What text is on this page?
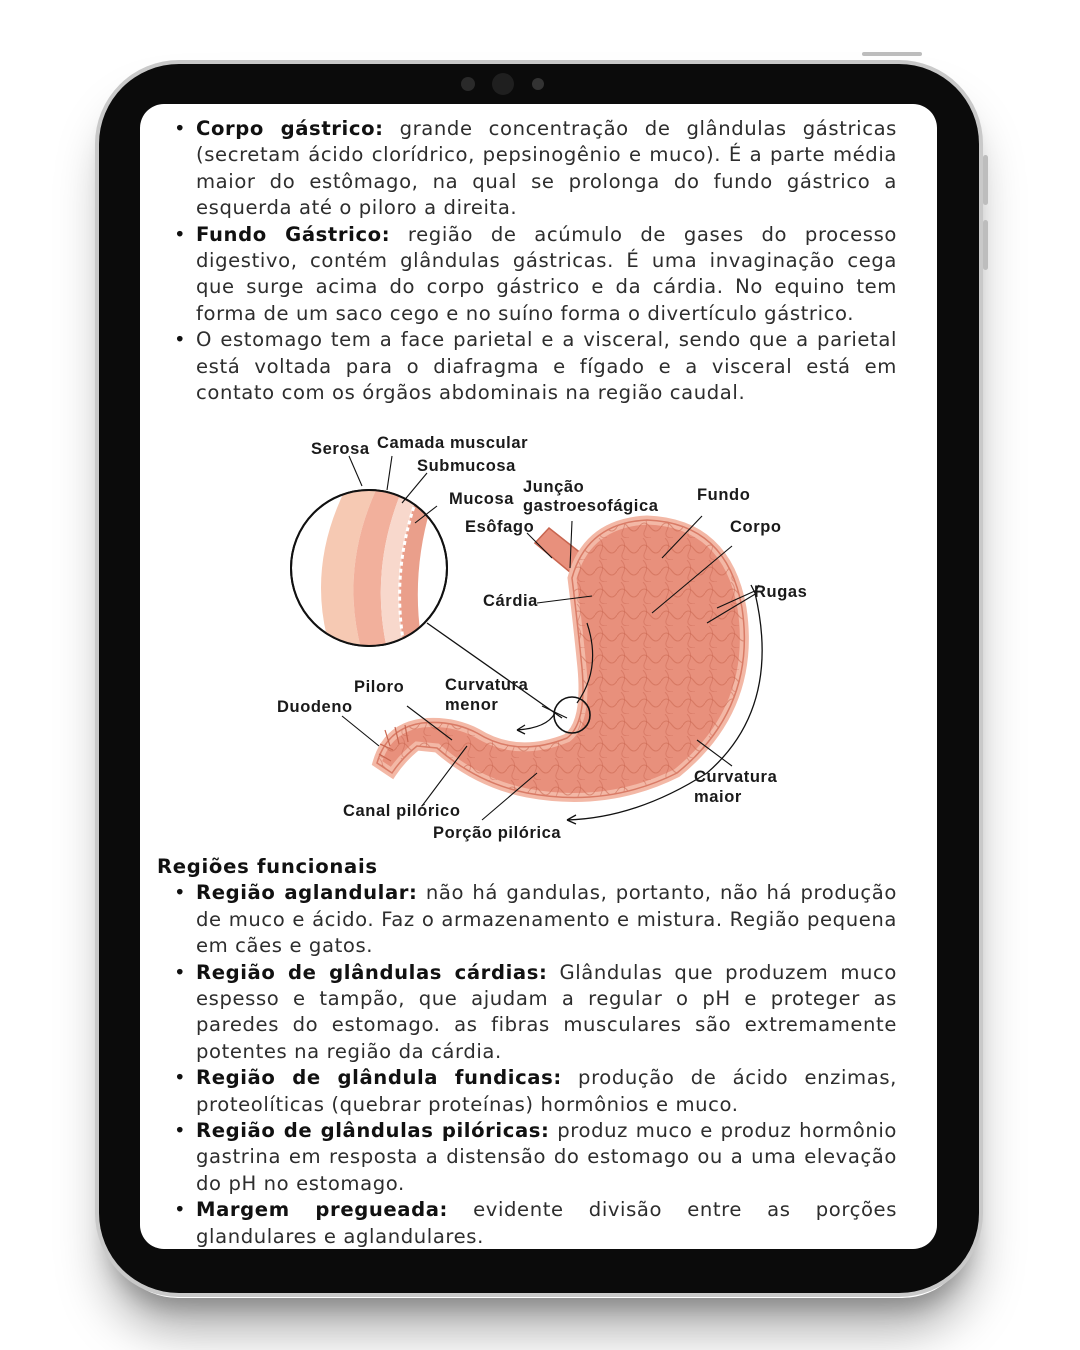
• Corpo gástrico: grande concentração de glândulas gástricas (secretam ácido clorídrico, pepsinogênio e muco). É a parte média maior do estômago, na qual se prolonga do fundo gástrico a esquerda até o piloro a direita.
• Fundo Gástrico: região de acúmulo de gases do processo digestivo, contém glândulas gástricas. É uma invaginação cega que surge acima do corpo gástrico e da cárdia. No equino tem forma de um saco cego e no suíno forma o divertículo gástrico.
• O estomago tem a face parietal e a visceral, sendo que a parietal está voltada para o diafragma e fígado e a visceral está em contato com os órgãos abdominais na região caudal.
Serosa Camada muscular
Submucosa
Mucosa
Junção
gastroesofágica
Fundo
Esôfago	Corpo
Cárdia	Rugas
Piloro Curvatura
menor
Duodeno
Curvatura
maior
Canal pilórico
Porção pilórica

Regiões funcionais

• Região aglandular: não há gandulas, portanto, não há produção de muco e ácido. Faz o armazenamento e mistura. Região pequena em cães e gatos.
• Região de glândulas cárdias: Glândulas que produzem muco espesso e tampão, que ajudam a regular o pH e proteger as paredes do estomago. as fibras musculares são extremamente potentes na região da cárdia.
• Região de glândula fundicas: produção de ácido enzimas, proteolíticas (quebrar proteínas) hormônios e muco.
• Região de glândulas pilóricas: produz muco e produz hormônio gastrina em resposta a distensão do estomago ou a uma elevação do pH no estomago.
• Margem pregueada: evidente divisão entre as porções glandulares e aglandulares.
